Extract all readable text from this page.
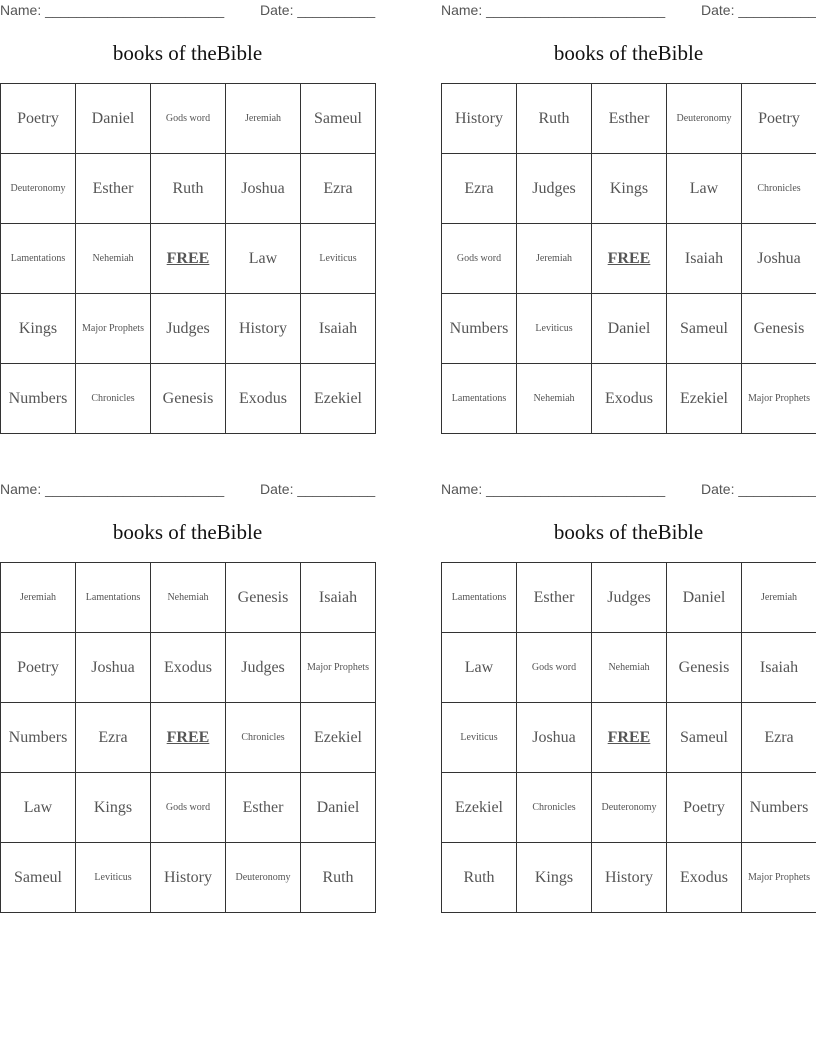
Name: _______________________	Date: __________
books of theBible
Poetry	Daniel	Gods word	Jeremiah	Sameul
Deuteronomy	Esther	Ruth	Joshua	Ezra
Lamentations	Nehemiah	FREE	Law	Leviticus
Kings	Major Prophets	Judges	History	Isaiah
Numbers	Chronicles	Genesis	Exodus	Ezekiel
Name: _______________________	Date: __________
books of theBible
History	Ruth	Esther	Deuteronomy	Poetry
Ezra	Judges	Kings	Law	Chronicles
Gods word	Jeremiah	FREE	Isaiah	Joshua
Numbers	Leviticus	Daniel	Sameul	Genesis
Lamentations	Nehemiah	Exodus	Ezekiel	Major Prophets
Name: _______________________	Date: __________
books of theBible
Jeremiah	Lamentations	Nehemiah	Genesis	Isaiah
Poetry	Joshua	Exodus	Judges	Major Prophets
Numbers	Ezra	FREE	Chronicles	Ezekiel
Law	Kings	Gods word	Esther	Daniel
Sameul	Leviticus	History	Deuteronomy	Ruth
Name: _______________________	Date: __________
books of theBible
Lamentations	Esther	Judges	Daniel	Jeremiah
Law	Gods word	Nehemiah	Genesis	Isaiah
Leviticus	Joshua	FREE	Sameul	Ezra
Ezekiel	Chronicles	Deuteronomy	Poetry	Numbers
Ruth	Kings	History	Exodus	Major Prophets
